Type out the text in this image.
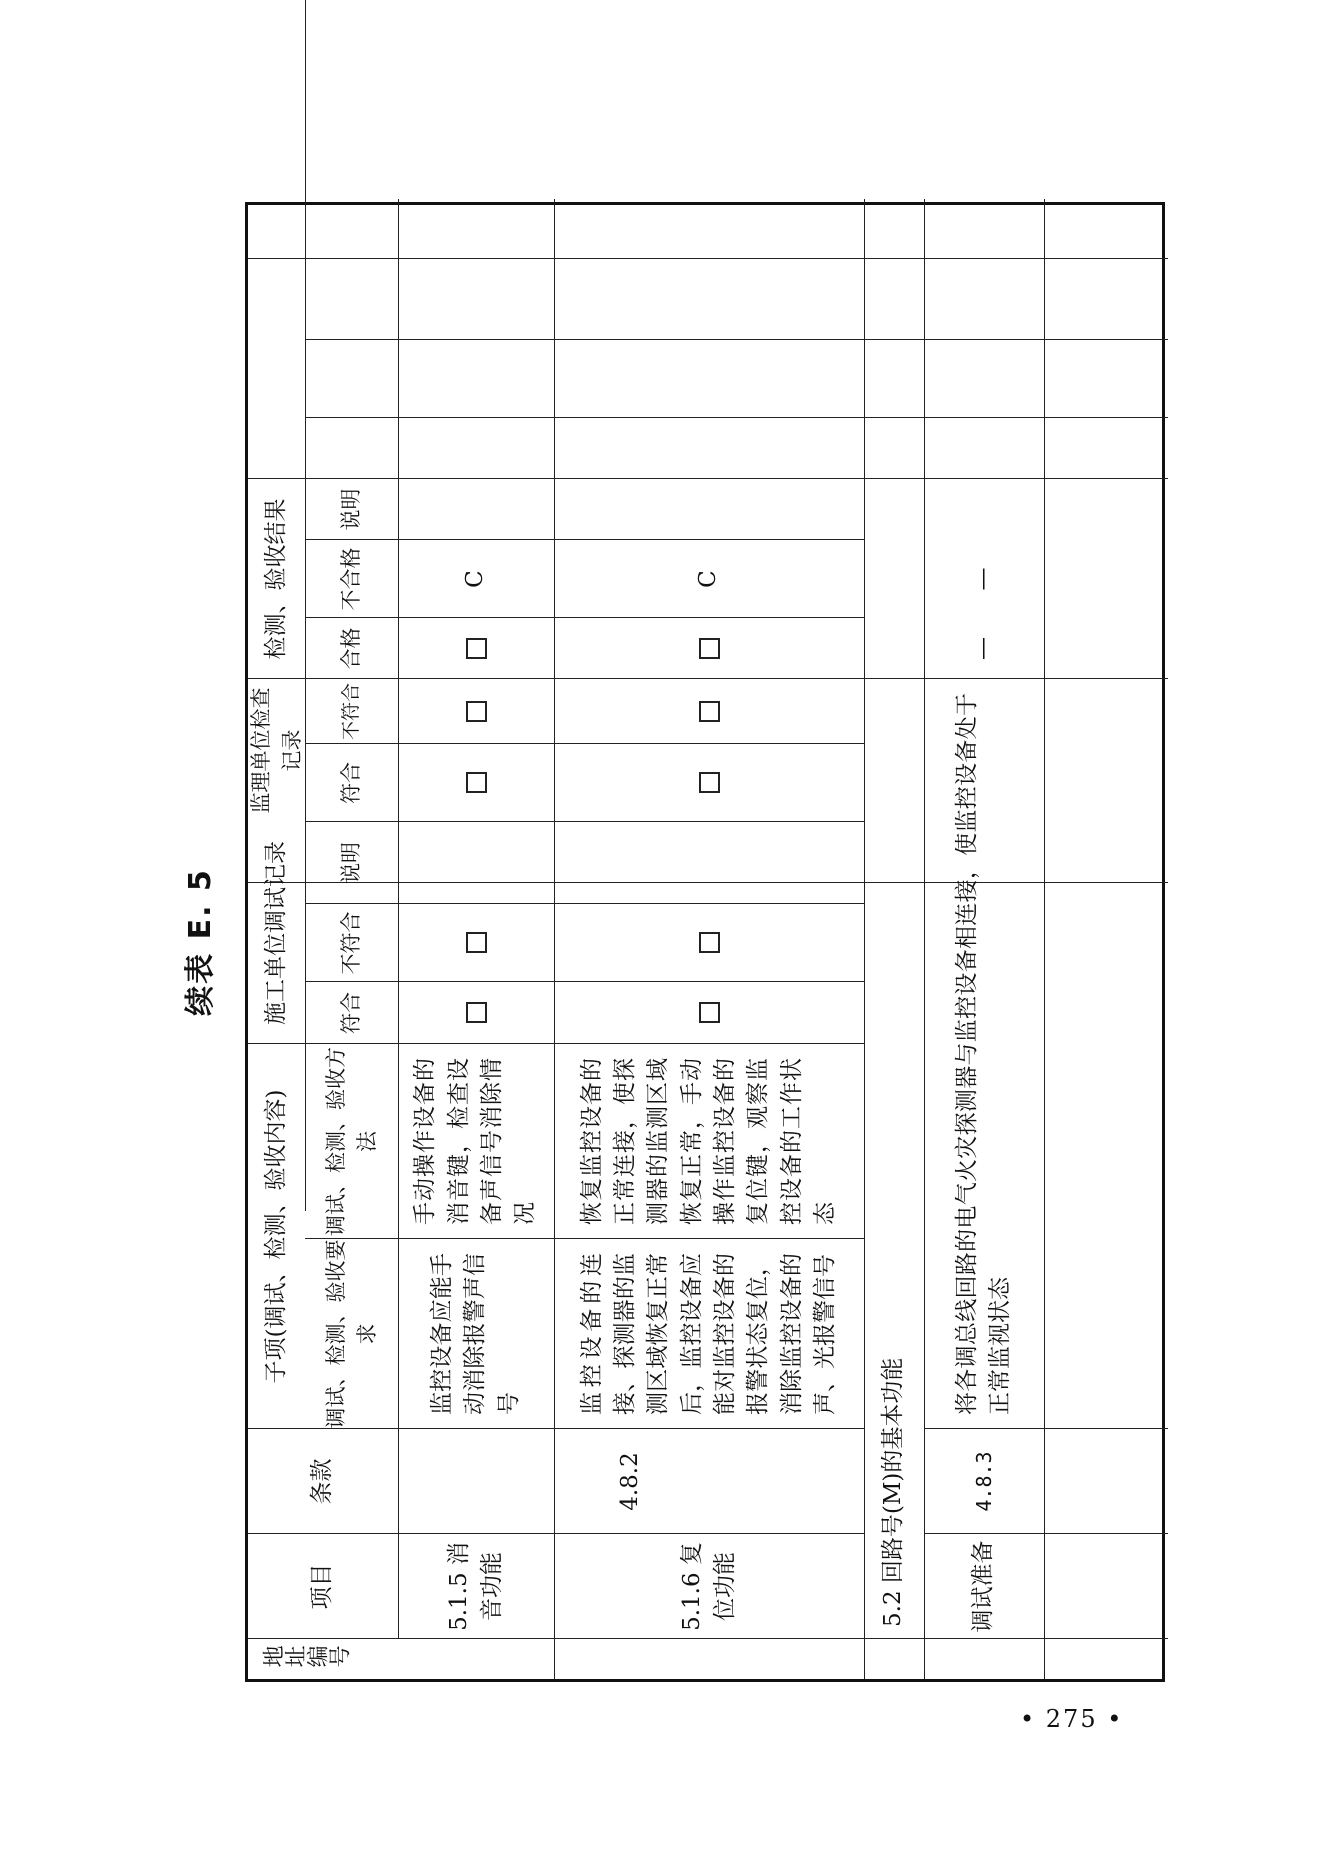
续表 E. 5
地址编号
项目
条款
子项(调试、检测、验收内容)	调试、检测、验收要求
调试、检测、验收方法
施工单位调试记录
监理单位检查记录
检测、验收结果
符合
不符合
说明
符合
不符合
合格
不合格
说明
5.1.5 消音功能
4.8.2
监控设备应能手动消除报警声信号
手动操作设备的消音键，检查设备声信号消除情况
C
5.1.6 复位功能
监控设备的连接、探测器的监测区域恢复正常后，监控设备应能对监控设备的报警状态复位，消除监控设备的声、光报警信号
恢复监控设备的正常连接，使探测器的监测区域恢复正常，手动操作监控设备的复位键，观察监控设备的工作状态
C
5.2 回路号(M)的基本功能	调试准备
4.8.3
将各调总线回路的电气火灾探测器与监控设备相连接，使监控设备处于正常监视状态
—
—
• 275 •
